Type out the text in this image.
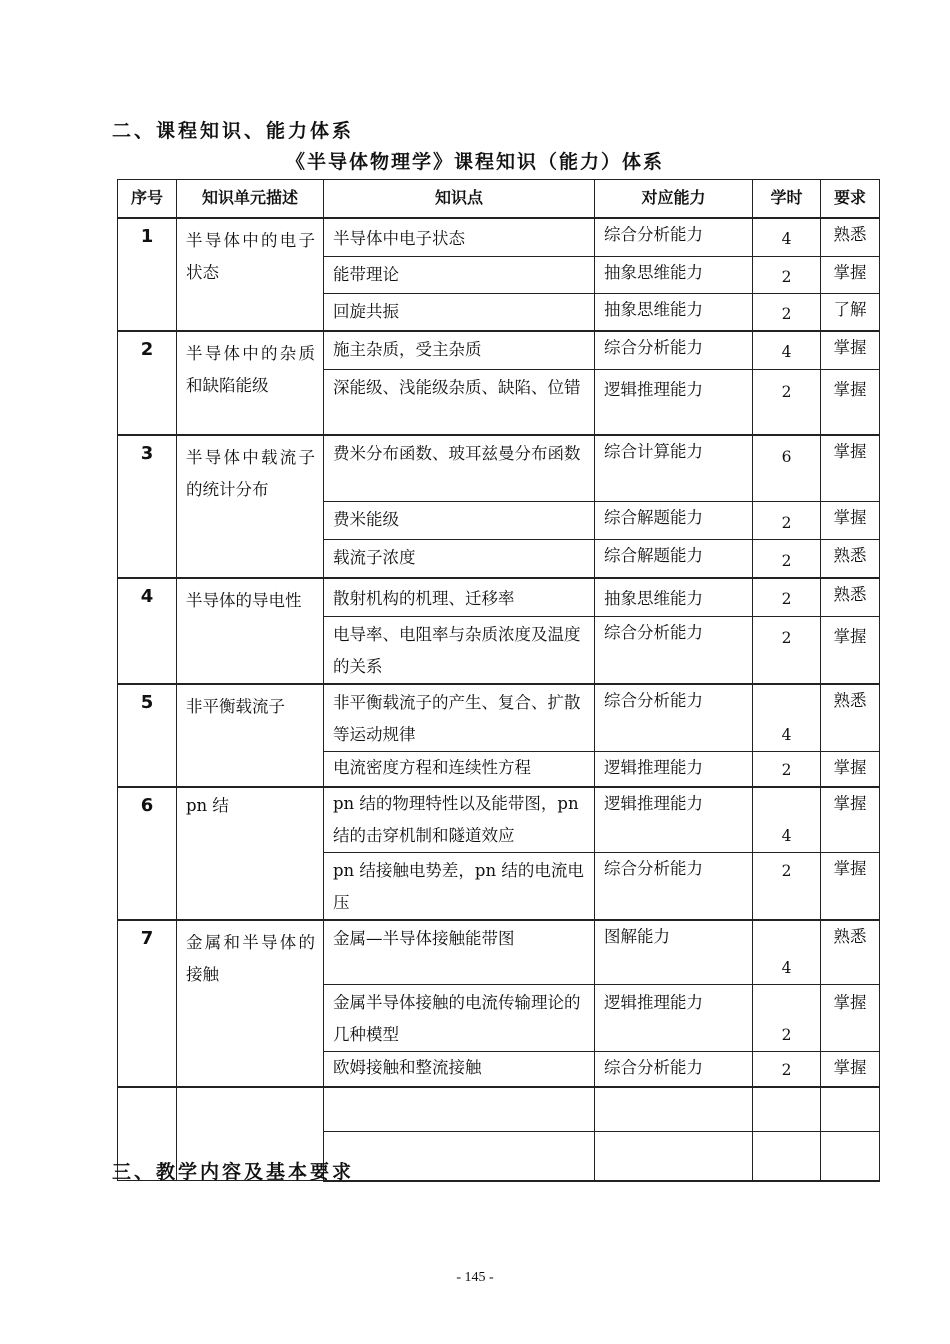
二、课程知识、能力体系
《半导体物理学》课程知识（能力）体系
序号	知识单元描述	知识点	对应能力	学时	要求
1	半导体中的电子状态	半导体中电子状态	综合分析能力	4	熟悉
		能带理论	抽象思维能力	2	掌握
		回旋共振	抽象思维能力	2	了解
2	半导体中的杂质和缺陷能级	施主杂质，受主杂质	综合分析能力	4	掌握
		深能级、浅能级杂质、缺陷、位错	逻辑推理能力	2	掌握
3	半导体中载流子的统计分布	费米分布函数、玻耳兹曼分布函数	综合计算能力	6	掌握
		费米能级	综合解题能力	2	掌握
		载流子浓度	综合解题能力	2	熟悉
4	半导体的导电性	散射机构的机理、迁移率	抽象思维能力	2	熟悉
		电导率、电阻率与杂质浓度及温度的关系	综合分析能力	2	掌握
5	非平衡载流子	非平衡载流子的产生、复合、扩散等运动规律	综合分析能力	4	熟悉
		电流密度方程和连续性方程	逻辑推理能力	2	掌握
6	pn 结	pn 结的物理特性以及能带图，pn 结的击穿机制和隧道效应	逻辑推理能力	4	掌握
		pn 结接触电势差，pn 结的电流电压	综合分析能力	2	掌握
7	金属和半导体的接触	金属—半导体接触能带图	图解能力	4	熟悉
		金属半导体接触的电流传输理论的几种模型	逻辑推理能力	2	掌握
		欧姆接触和整流接触	综合分析能力	2	掌握

三、教学内容及基本要求
- 145 -
